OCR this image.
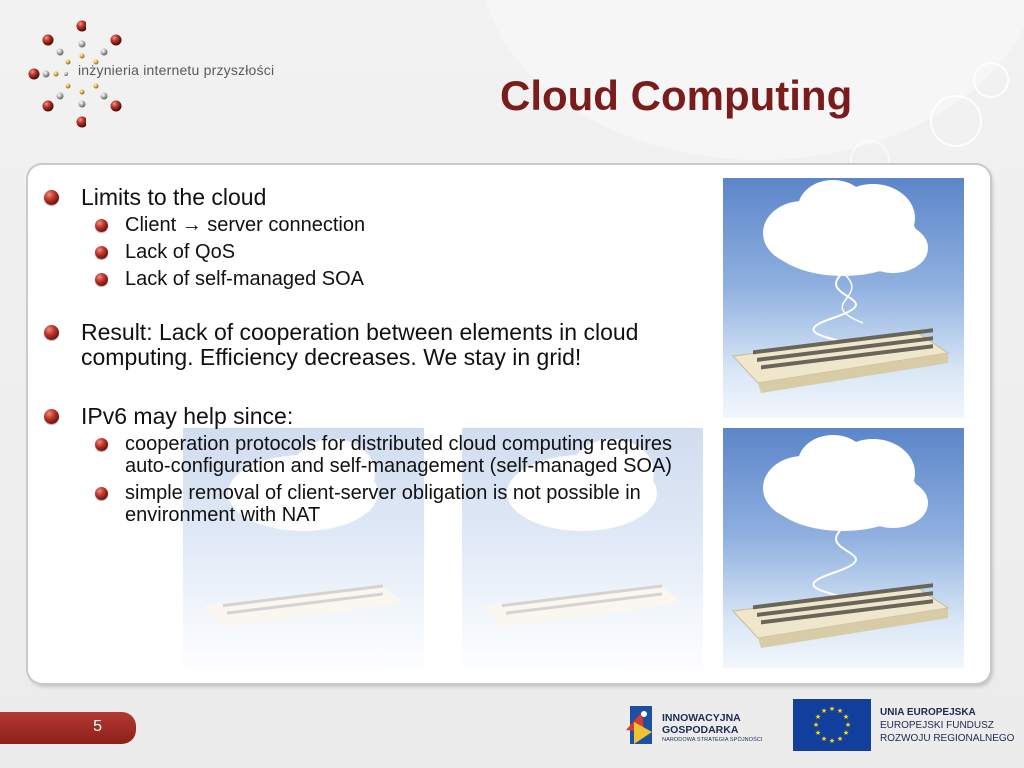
inżynieria internetu przyszłości
Cloud Computing
Limits to the cloud
Client → server connection
Lack of QoS
Lack of self-managed SOA
Result: Lack of cooperation between elements in cloud computing. Efficiency decreases. We stay in grid!
IPv6 may help since:
cooperation protocols for distributed cloud computing requires auto-configuration and self-management (self-managed SOA)
simple removal of client-server obligation is not possible in environment with NAT
5	INNOWACYJNA
GOSPODARKA
NARODOWA STRATEGIA SPÓJNOŚCI
★ ★
★
★
★
★
★
★
★
★
★
★	UNIA EUROPEJSKA
EUROPEJSKI FUNDUSZ
ROZWOJU REGIONALNEGO
